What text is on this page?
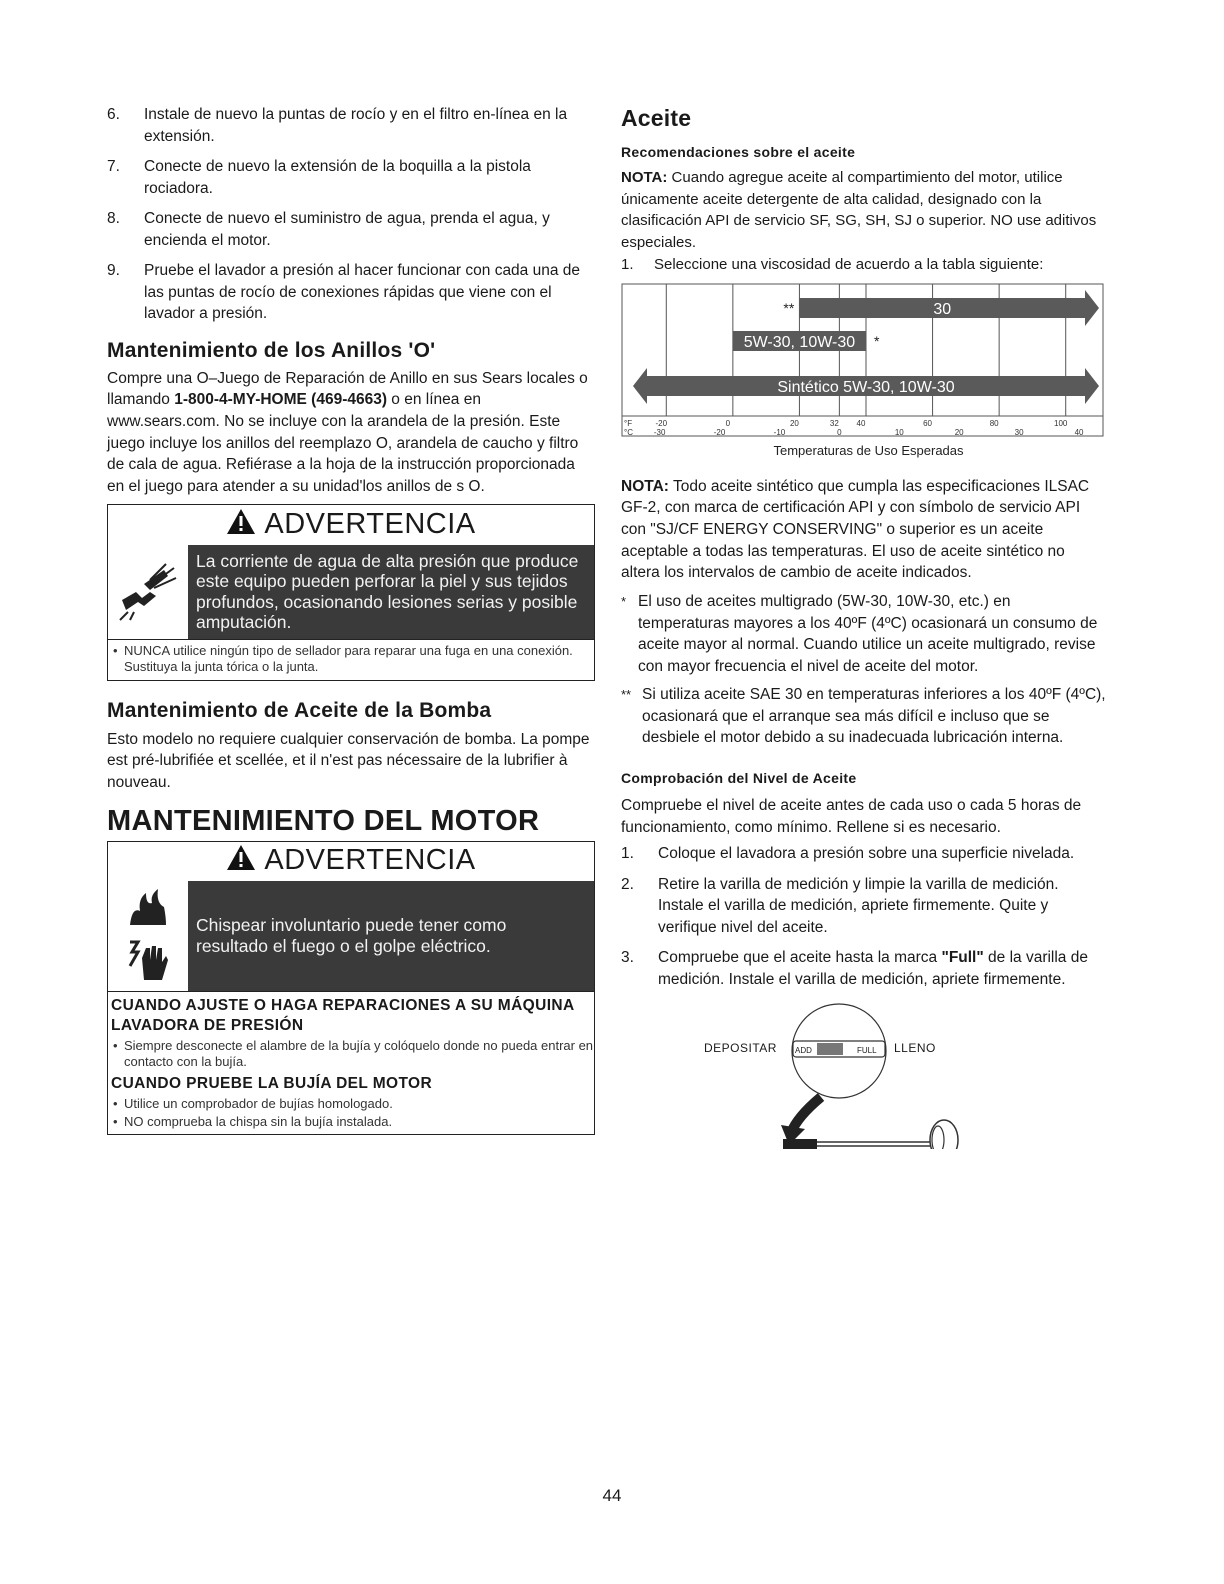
6. Instale de nuevo la puntas de rocío y en el filtro en-línea en la extensión.
7. Conecte de nuevo la extensión de la boquilla a la pistola rociadora.
8. Conecte de nuevo el suministro de agua, prenda el agua, y encienda el motor.
9. Pruebe el lavador a presión al hacer funcionar con cada una de las puntas de rocío de conexiones rápidas que viene con el lavador a presión.
Mantenimiento de los Anillos 'O'

Compre una O–Juego de Reparación de Anillo en sus Sears locales o llamando 1-800-4-MY-HOME (469-4663) o en línea en www.sears.com. No se incluye con la arandela de la presión. Este juego incluye los anillos del reemplazo O, arandela de caucho y filtro de cala de agua. Refiérase a la hoja de la instrucción proporcionada en el juego para atender a su unidad'los anillos de s O.

ADVERTENCIA
La corriente de agua de alta presión que produce este equipo pueden perforar la piel y sus tejidos profundos, ocasionando lesiones serias y posible amputación.
• NUNCA utilice ningún tipo de sellador para reparar una fuga en una conexión. Sustituya la junta tórica o la junta.
Mantenimiento de Aceite de la Bomba

Esto modelo no requiere cualquier conservación de bomba. La pompe est pré-lubrifiée et scellée, et il n'est pas nécessaire de la lubrifier à nouveau.

MANTENIMIENTO DEL MOTOR
ADVERTENCIA
Chispear involuntario puede tener como resultado el fuego o el golpe eléctrico.
CUANDO AJUSTE O HAGA REPARACIONES A SU MÁQUINA LAVADORA DE PRESIÓN
• Siempre desconecte el alambre de la bujía y colóquelo donde no pueda entrar en contacto con la bujía.
CUANDO PRUEBE LA BUJÍA DEL MOTOR
• Utilice un comprobador de bujías homologado.
• NO comprueba la chispa sin la bujía instalada.
Aceite
Recomendaciones sobre el aceite

NOTA: Cuando agregue aceite al compartimiento del motor, utilice únicamente aceite detergente de alta calidad, designado con la clasificación API de servicio SF, SG, SH, SJ o superior. NO use aditivos especiales.

1. Seleccione una viscosidad de acuerdo a la tabla siguiente:
30
**
5W-30, 10W-30 *
Sintético 5W-30, 10W-30
°F
°C
-20	0	20	32 40	60	80	100
-30	-20	-10	0	10	20	30	40
Temperaturas de Uso Esperadas

NOTA: Todo aceite sintético que cumpla las especificaciones ILSAC GF-2, con marca de certificación API y con símbolo de servicio API con "SJ/CF ENERGY CONSERVING" o superior es un aceite aceptable a todas las temperaturas. El uso de aceite sintético no altera los intervalos de cambio de aceite indicados.

* El uso de aceites multigrado (5W-30, 10W-30, etc.) en temperaturas mayores a los 40ºF (4ºC) ocasionará un consumo de aceite mayor al normal. Cuando utilice un aceite multigrado, revise con mayor frecuencia el nivel de aceite del motor.
** Si utiliza aceite SAE 30 en temperaturas inferiores a los 40ºF (4ºC), ocasionará que el arranque sea más difícil e incluso que se desbiele el motor debido a su inadecuada lubricación interna.
Comprobación del Nivel de Aceite

Compruebe el nivel de aceite antes de cada uso o cada 5 horas de funcionamiento, como mínimo. Rellene si es necesario.

1. Coloque el lavadora a presión sobre una superficie nivelada.
2. Retire la varilla de medición y limpie la varilla de medición. Instale el varilla de medición, apriete firmemente. Quite y verifique nivel del aceite.
3. Compruebe que el aceite hasta la marca "Full" de la varilla de medición. Instale el varilla de medición, apriete firmemente.
DEPOSITAR	LLENO
ADD	FULL
44
